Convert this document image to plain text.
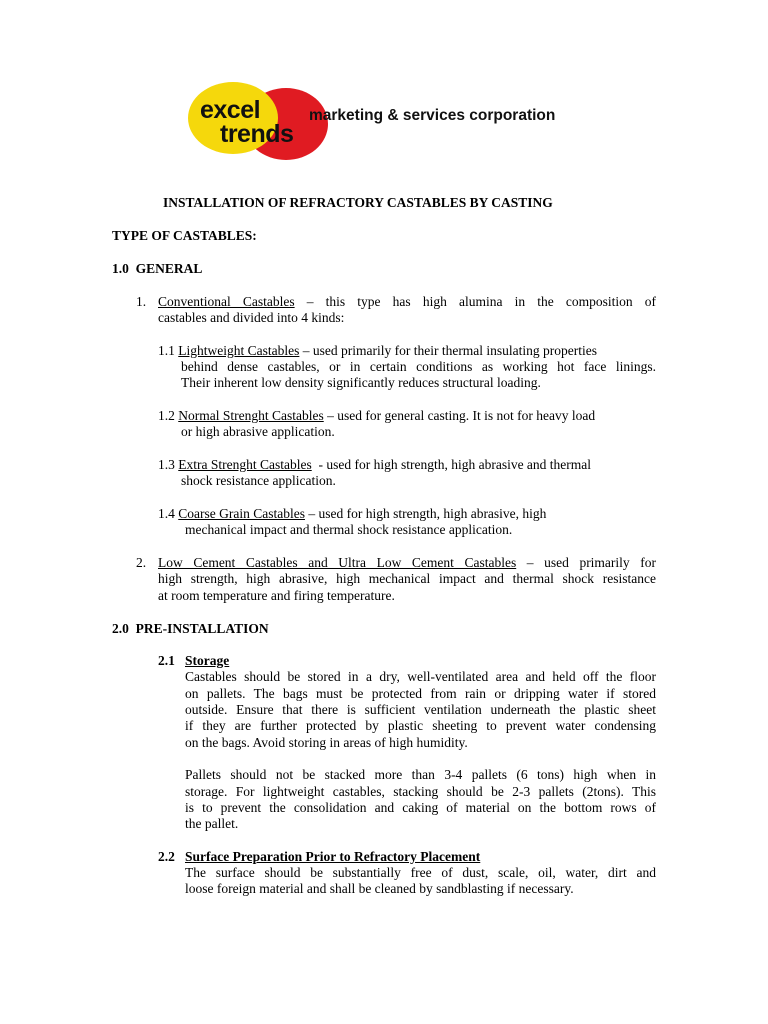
excel
trends
marketing & services corporation
INSTALLATION OF REFRACTORY CASTABLES BY CASTING
TYPE OF CASTABLES:
1.0  GENERAL
1. Conventional Castables – this type has high alumina in the composition of
castables and divided into 4 kinds:
1.1 Lightweight Castables – used primarily for their thermal insulating properties
behind dense castables, or in certain conditions as working hot face linings.
Their inherent low density significantly reduces structural loading.
1.2 Normal Strenght Castables – used for general casting. It is not for heavy load
or high abrasive application.
1.3 Extra Strenght Castables  - used for high strength, high abrasive and thermal
shock resistance application.
1.4 Coarse Grain Castables – used for high strength, high abrasive, high
mechanical impact and thermal shock resistance application.
2. Low Cement Castables and Ultra Low Cement Castables – used primarily for
high strength, high abrasive, high mechanical impact and thermal shock resistance
at room temperature and firing temperature.
2.0  PRE-INSTALLATION
2.1 Storage
Castables should be stored in a dry, well-ventilated area and held off the floor
on pallets. The bags must be protected from rain or dripping water if stored
outside. Ensure that there is sufficient ventilation underneath the plastic sheet
if they are further protected by plastic sheeting to prevent water condensing
on the bags. Avoid storing in areas of high humidity.
Pallets should not be stacked more than 3-4 pallets (6 tons) high when in
storage. For lightweight castables, stacking should be 2-3 pallets (2tons). This
is to prevent the consolidation and caking of material on the bottom rows of
the pallet.
2.2 Surface Preparation Prior to Refractory Placement
The surface should be substantially free of dust, scale, oil, water, dirt and
loose foreign material and shall be cleaned by sandblasting if necessary.
